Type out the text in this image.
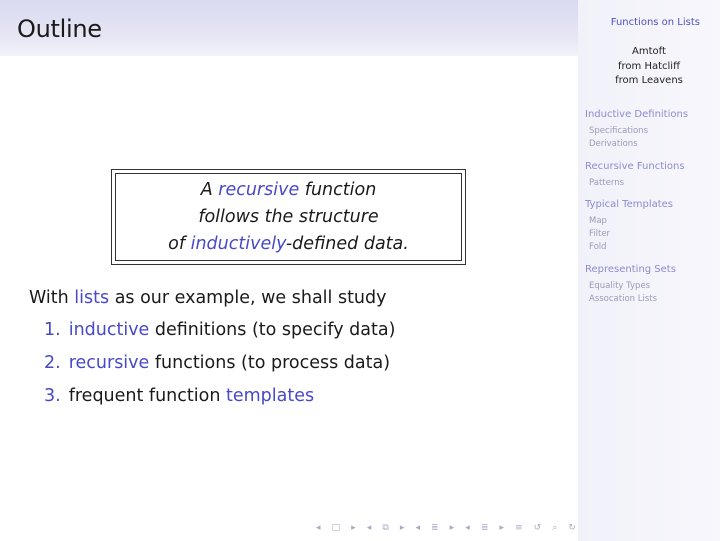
Outline
A recursive function
follows the structure
of inductively-defined data.
With lists as our example, we shall study
1. inductive definitions (to specify data)
2. recursive functions (to process data)
3. frequent function templates
◂ □ ▸ ◂ ⧉ ▸ ◂ ≣ ▸ ◂ ≣ ▸ ≡ ↺ ⌕ ↻
Functions on Lists
Amtoft
from Hatcliff
from Leavens
Inductive Definitions
Specifications
Derivations
Recursive Functions
Patterns
Typical Templates
Map
Filter
Fold
Representing Sets
Equality Types
Assocation Lists
